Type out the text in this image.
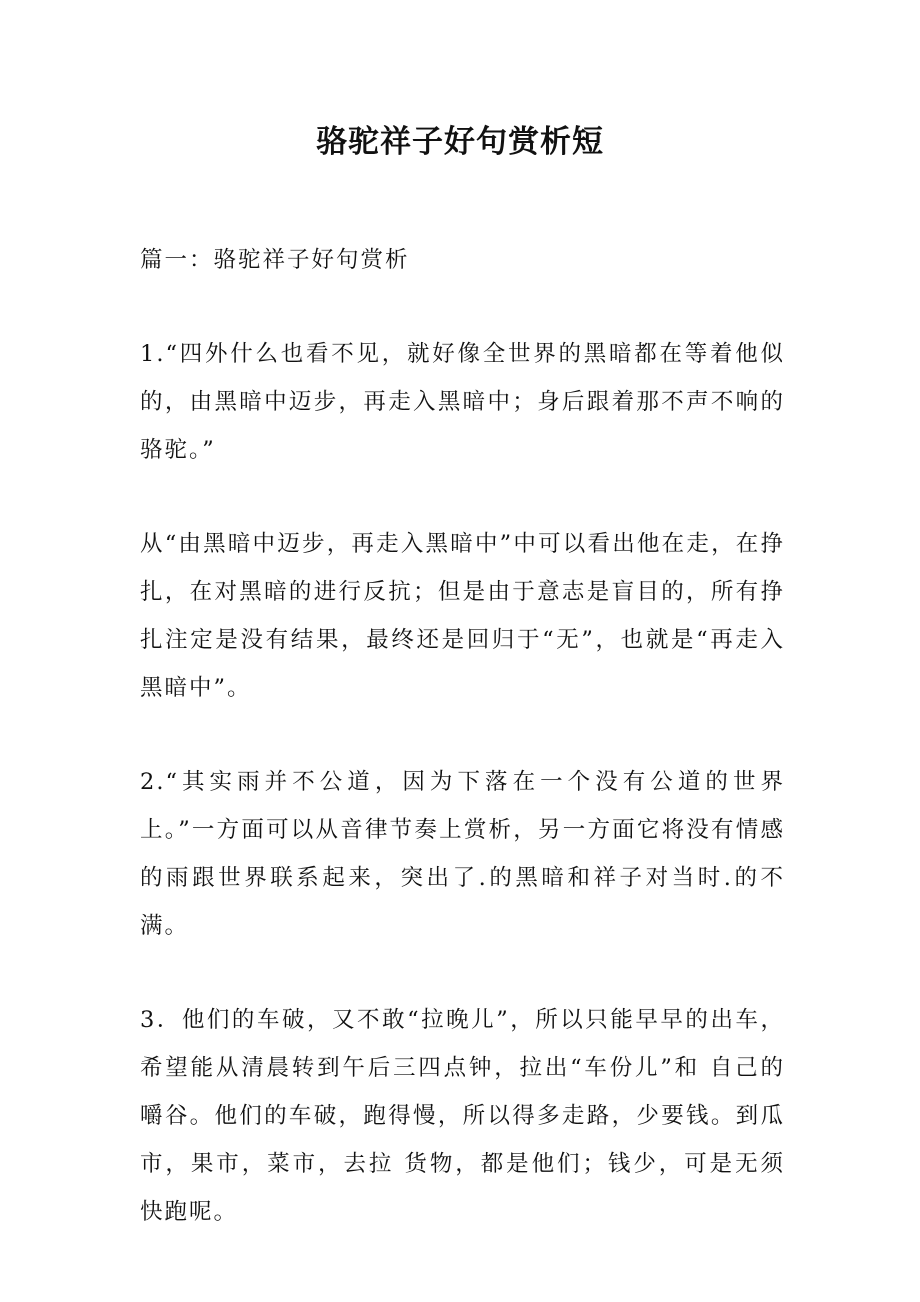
骆驼祥子好句赏析短

篇一：骆驼祥子好句赏析

1.“四外什么也看不见，就好像全世界的黑暗都在等着他似的，由黑暗中迈步，再走入黑暗中；身后跟着那不声不响的骆驼。”

从“由黑暗中迈步，再走入黑暗中”中可以看出他在走，在挣扎，在对黑暗的进行反抗；但是由于意志是盲目的，所有挣扎注定是没有结果，最终还是回归于“无”，也就是“再走入黑暗中”。

2.“其实雨并不公道，因为下落在一个没有公道的世界上。”一方面可以从音律节奏上赏析，另一方面它将没有情感的雨跟世界联系起来，突出了.的黑暗和祥子对当时.的不满。

3．他们的车破，又不敢“拉晚儿”，所以只能早早的出车，希望能从清晨转到午后三四点钟，拉出“车份儿”和 自己的嚼谷。他们的车破，跑得慢，所以得多走路，少要钱。到瓜市，果市，菜市，去拉 货物，都是他们；钱少，可是无须快跑呢。
